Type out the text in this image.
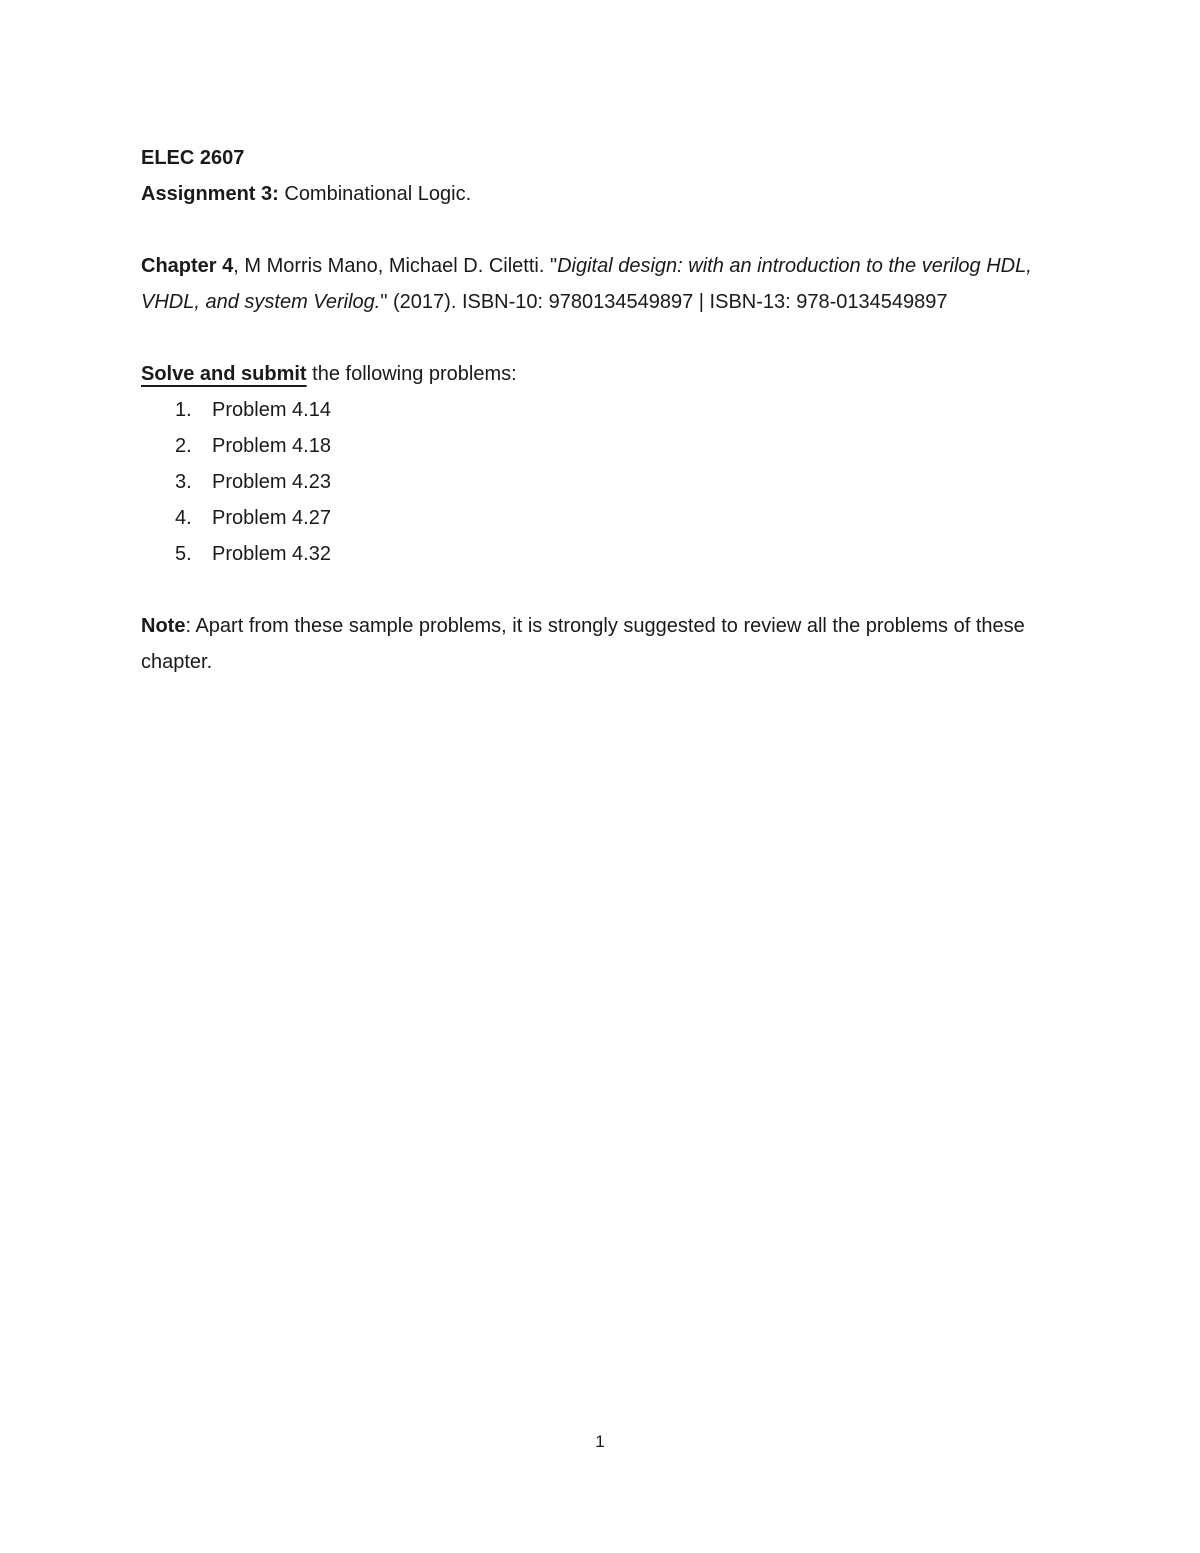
ELEC 2607

Assignment 3: Combinational Logic.

Chapter 4, M Morris Mano, Michael D. Ciletti. "Digital design: with an introduction to the verilog HDL, VHDL, and system Verilog." (2017). ISBN-10: 9780134549897 | ISBN-13: 978-0134549897

Solve and submit the following problems:

1. Problem 4.14
2. Problem 4.18
3. Problem 4.23
4. Problem 4.27
5. Problem 4.32

Note: Apart from these sample problems, it is strongly suggested to review all the problems of these chapter.

1
